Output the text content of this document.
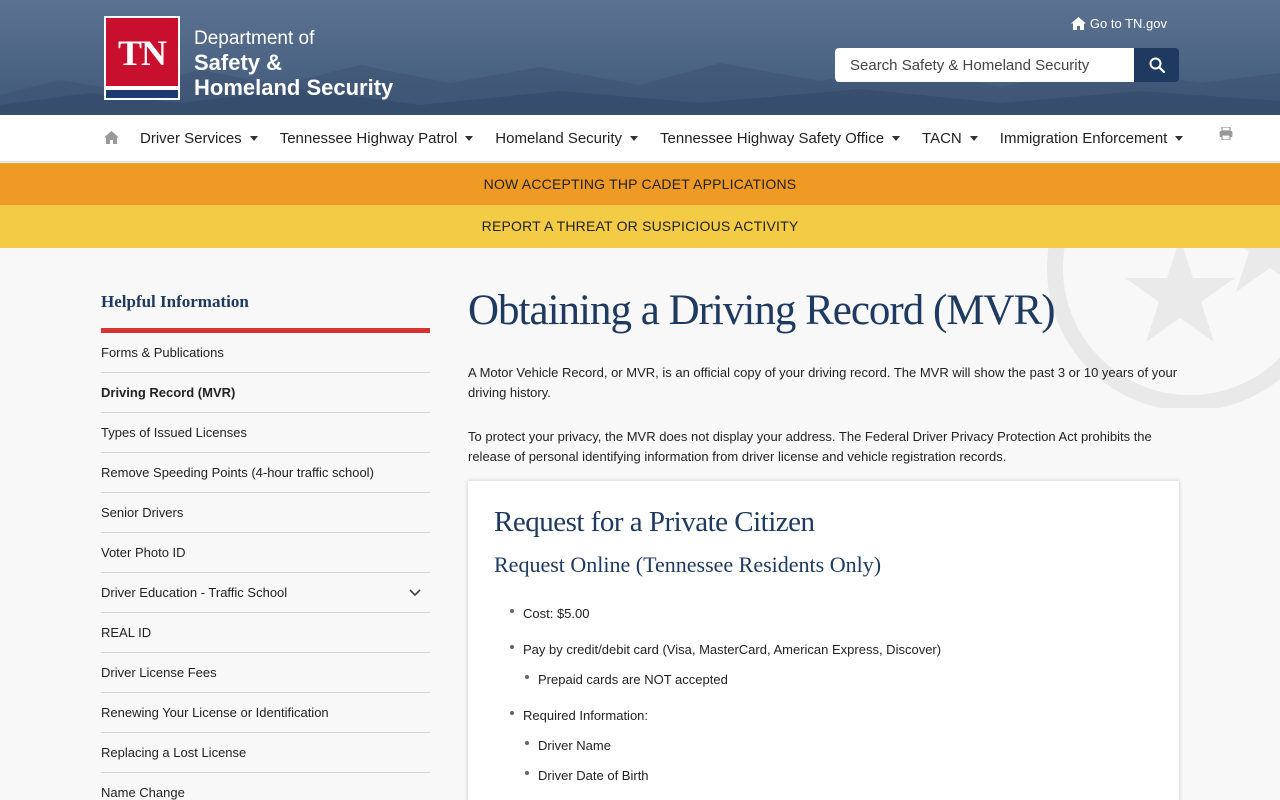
TN	Department of
Safety &
Homeland Security
Go to TN.gov
Search Safety & Homeland Security
Driver Services	Tennessee Highway Patrol	Homeland Security	Tennessee Highway Safety Office	TACN	Immigration Enforcement
NOW ACCEPTING THP CADET APPLICATIONS
REPORT A THREAT OR SUSPICIOUS ACTIVITY
Helpful Information
Forms & Publications
Driving Record (MVR)
Types of Issued Licenses
Remove Speeding Points (4-hour traffic school)
Senior Drivers
Voter Photo ID
Driver Education - Traffic School
REAL ID
Driver License Fees
Renewing Your License or Identification
Replacing a Lost License
Name Change
Obtaining a Driving Record (MVR)

A Motor Vehicle Record, or MVR, is an official copy of your driving record. The MVR will show the past 3 or 10 years of your driving history.

To protect your privacy, the MVR does not display your address. The Federal Driver Privacy Protection Act prohibits the release of personal identifying information from driver license and vehicle registration records.

Request for a Private Citizen
Request Online (Tennessee Residents Only)
Cost: $5.00
Pay by credit/debit card (Visa, MasterCard, American Express, Discover)
Prepaid cards are NOT accepted
Required Information:
Driver Name
Driver Date of Birth
